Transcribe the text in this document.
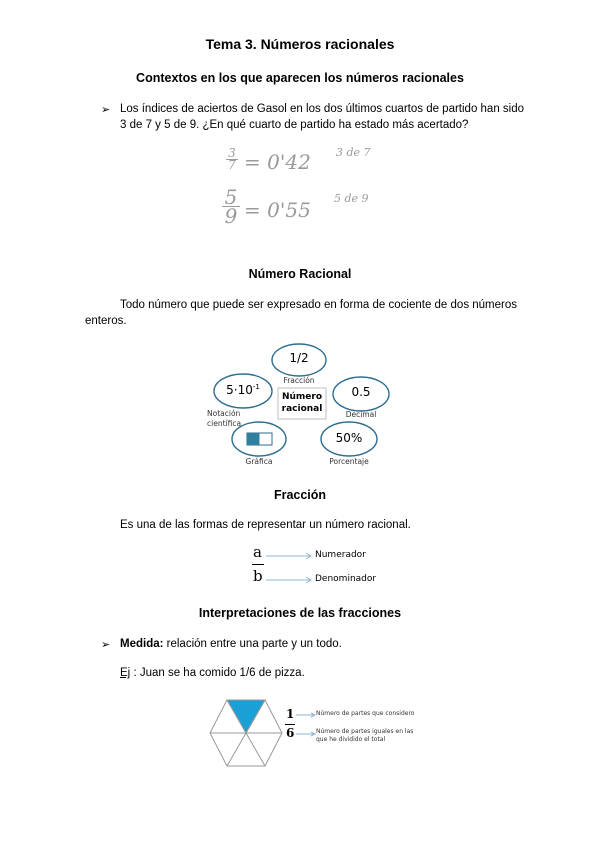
Tema 3. Números racionales
Contextos en los que aparecen los números racionales
➢ Los índices de aciertos de Gasol en los dos últimos cuartos de partido han sido
3 de 7 y 5 de 9. ¿En qué cuarto de partido ha estado más acertado?
3
7 = 0'42 3 de 7
5
9 = 0'55 5 de 9
Número Racional
Todo número que puede ser expresado en forma de cociente de dos números
enteros.
1/2
Fracción
$5\cdot 10^{-1}$
Notación
científica
Número
racional
0.5
Decimal
Gráfica
50%
Porcentaje
Fracción
Es una de las formas de representar un número racional.
a
b
Numerador
Denominador
Interpretaciones de las fracciones
➢ Medida: relación entre una parte y un todo.
Ej : Juan se ha comido 1/6 de pizza.
1
6
Número de partes que considero
Número de partes iguales en las
que he dividido el total
